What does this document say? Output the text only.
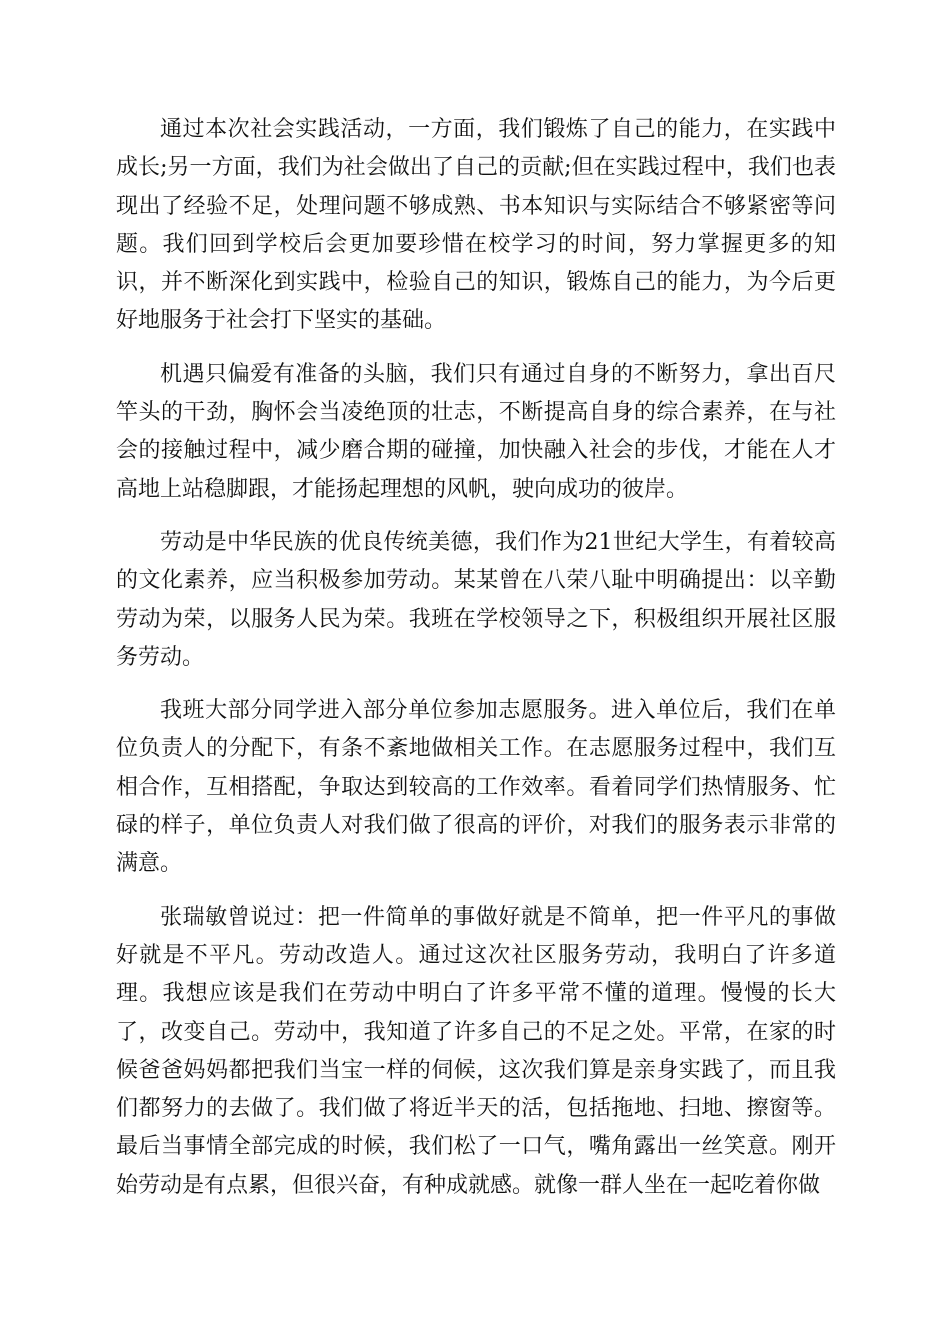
通过本次社会实践活动，一方面，我们锻炼了自己的能力，在实践中成长;另一方面，我们为社会做出了自己的贡献;但在实践过程中，我们也表现出了经验不足，处理问题不够成熟、书本知识与实际结合不够紧密等问题。我们回到学校后会更加要珍惜在校学习的时间，努力掌握更多的知识，并不断深化到实践中，检验自己的知识，锻炼自己的能力，为今后更好地服务于社会打下坚实的基础。

机遇只偏爱有准备的头脑，我们只有通过自身的不断努力，拿出百尺竿头的干劲，胸怀会当凌绝顶的壮志，不断提高自身的综合素养，在与社会的接触过程中，减少磨合期的碰撞，加快融入社会的步伐，才能在人才高地上站稳脚跟，才能扬起理想的风帆，驶向成功的彼岸。

劳动是中华民族的优良传统美德，我们作为21世纪大学生，有着较高的文化素养，应当积极参加劳动。某某曾在八荣八耻中明确提出：以辛勤劳动为荣，以服务人民为荣。我班在学校领导之下，积极组织开展社区服务劳动。

我班大部分同学进入部分单位参加志愿服务。进入单位后，我们在单位负责人的分配下，有条不紊地做相关工作。在志愿服务过程中，我们互相合作，互相搭配，争取达到较高的工作效率。看着同学们热情服务、忙碌的样子，单位负责人对我们做了很高的评价，对我们的服务表示非常的满意。

张瑞敏曾说过：把一件简单的事做好就是不简单，把一件平凡的事做好就是不平凡。劳动改造人。通过这次社区服务劳动，我明白了许多道理。我想应该是我们在劳动中明白了许多平常不懂的道理。慢慢的长大了，改变自己。劳动中，我知道了许多自己的不足之处。平常，在家的时候爸爸妈妈都把我们当宝一样的伺候，这次我们算是亲身实践了，而且我们都努力的去做了。我们做了将近半天的活，包括拖地、扫地、擦窗等。最后当事情全部完成的时候，我们松了一口气，嘴角露出一丝笑意。刚开始劳动是有点累，但很兴奋，有种成就感。就像一群人坐在一起吃着你做
